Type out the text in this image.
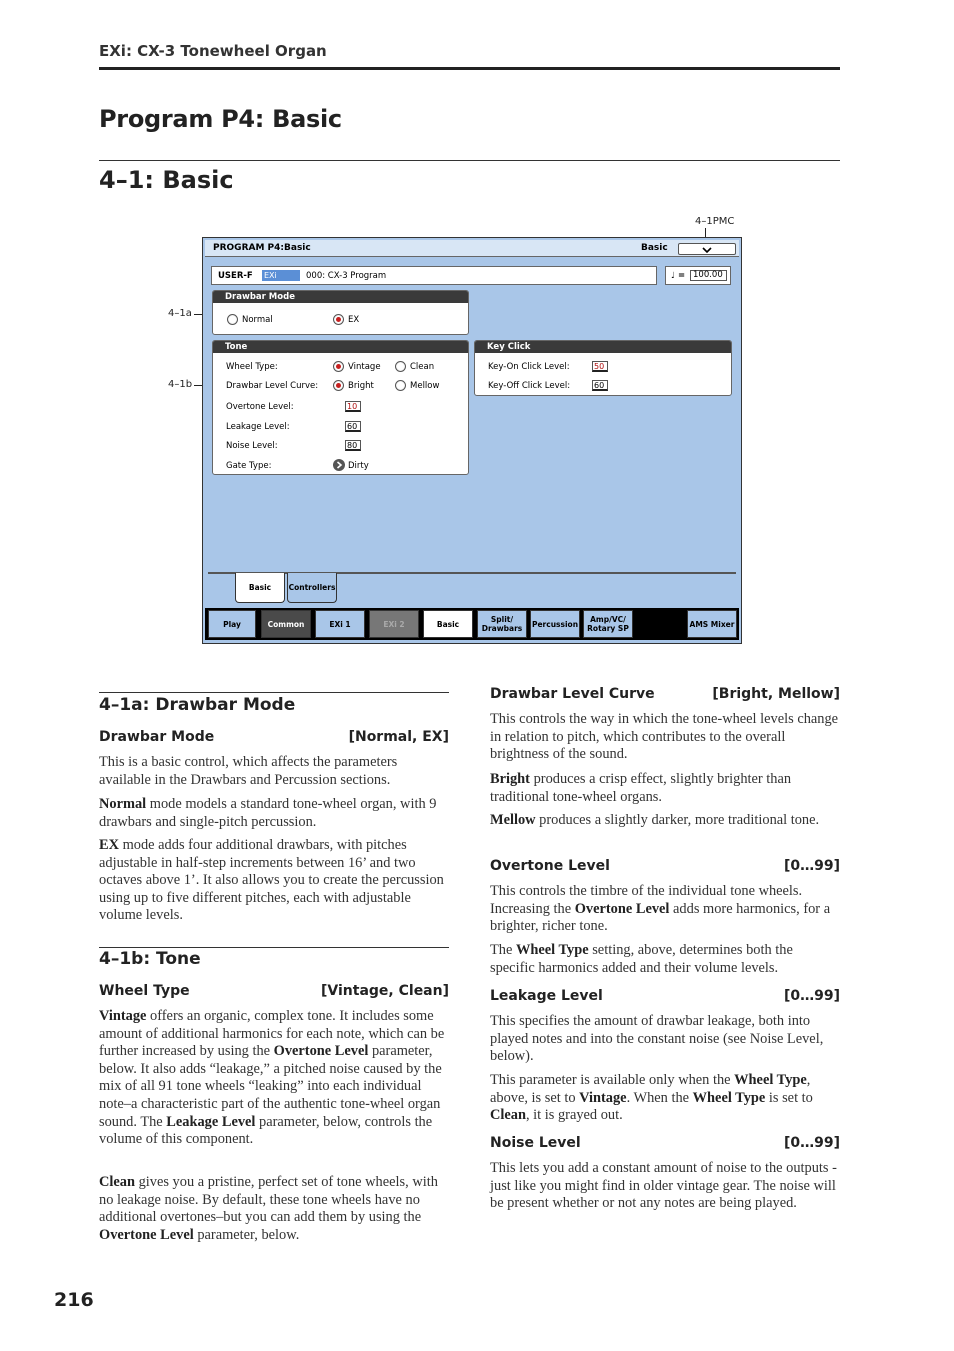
EXi: CX-3 Tonewheel Organ
Program P4: Basic
4–1: Basic
4–1PMC
4–1a
4–1b
PROGRAM P4:Basic	Basic
USER-F EXi	000: CX-3 Program	♩ = 100.00
Drawbar Mode
Normal	EX
Tone
Wheel Type:	Vintage	Clean
Drawbar Level Curve:	Bright	Mellow
Overtone Level:	10
Leakage Level:	60
Noise Level:	80
Gate Type:	Dirty
Key Click
Key-On Click Level:	50
Key-Off Click Level:	60
Basic	Controllers
Play	Common	EXi 1	EXi 2	Basic	Split/
Drawbars	Percussion	Amp/VC/
Rotary SP	AMS Mixer
4–1a: Drawbar Mode
Drawbar Mode	[Normal, EX]
This is a basic control, which affects the parameters available in the Drawbars and Percussion sections.
Normal mode models a standard tone-wheel organ, with 9 drawbars and single-pitch percussion.
EX mode adds four additional drawbars, with pitches adjustable in half-step increments between 16’ and two octaves above 1’. It also allows you to create the percussion using up to five different pitches, each with adjustable volume levels.
4–1b: Tone
Wheel Type	[Vintage, Clean]
Vintage offers an organic, complex tone. It includes some amount of additional harmonics for each note, which can be further increased by using the Overtone Level parameter, below. It also adds “leakage,” a pitched noise caused by the mix of all 91 tone wheels “leaking” into each individual note–a characteristic part of the authentic tone-wheel organ sound. The Leakage Level parameter, below, controls the volume of this component.
Clean gives you a pristine, perfect set of tone wheels, with no leakage noise. By default, these tone wheels have no additional overtones–but you can add them by using the Overtone Level parameter, below.
Drawbar Level Curve	[Bright, Mellow]
This controls the way in which the tone-wheel levels change in relation to pitch, which contributes to the overall brightness of the sound.
Bright produces a crisp effect, slightly brighter than traditional tone-wheel organs.
Mellow produces a slightly darker, more traditional tone.
Overtone Level	[0…99]
This controls the timbre of the individual tone wheels. Increasing the Overtone Level adds more harmonics, for a brighter, richer tone.
The Wheel Type setting, above, determines both the specific harmonics added and their volume levels.
Leakage Level	[0…99]
This specifies the amount of drawbar leakage, both into played notes and into the constant noise (see Noise Level, below).
This parameter is available only when the Wheel Type, above, is set to Vintage. When the Wheel Type is set to Clean, it is grayed out.
Noise Level	[0…99]
This lets you add a constant amount of noise to the outputs - just like you might find in older vintage gear. The noise will be present whether or not any notes are being played.
216
